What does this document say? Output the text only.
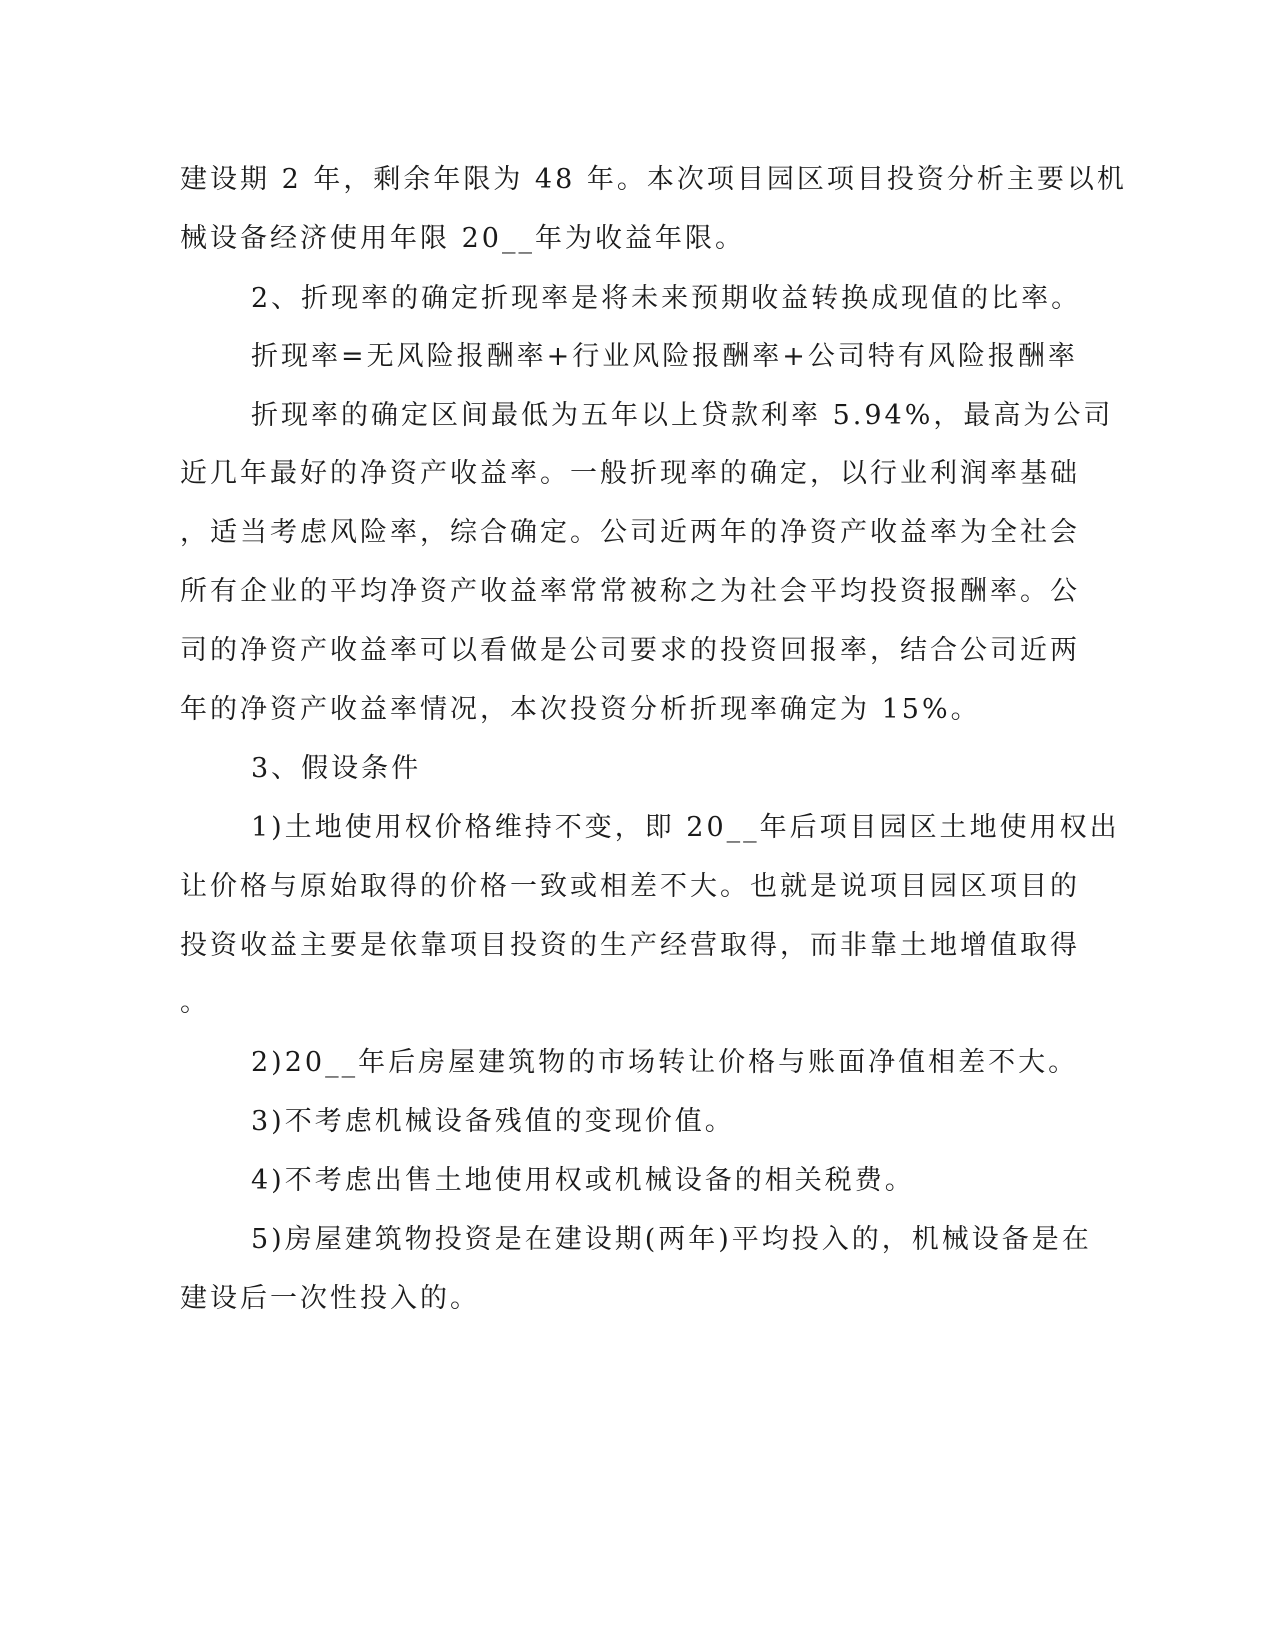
建设期 2 年，剩余年限为 48 年。本次项目园区项目投资分析主要以机
械设备经济使用年限 20__年为收益年限。
2、折现率的确定折现率是将未来预期收益转换成现值的比率。
折现率=无风险报酬率+行业风险报酬率+公司特有风险报酬率
折现率的确定区间最低为五年以上贷款利率 5.94%，最高为公司
近几年最好的净资产收益率。一般折现率的确定，以行业利润率基础
，适当考虑风险率，综合确定。公司近两年的净资产收益率为全社会
所有企业的平均净资产收益率常常被称之为社会平均投资报酬率。公
司的净资产收益率可以看做是公司要求的投资回报率，结合公司近两
年的净资产收益率情况，本次投资分析折现率确定为 15%。
3、假设条件
1)土地使用权价格维持不变，即 20__年后项目园区土地使用权出
让价格与原始取得的价格一致或相差不大。也就是说项目园区项目的
投资收益主要是依靠项目投资的生产经营取得，而非靠土地增值取得
。
2)20__年后房屋建筑物的市场转让价格与账面净值相差不大。
3)不考虑机械设备残值的变现价值。
4)不考虑出售土地使用权或机械设备的相关税费。
5)房屋建筑物投资是在建设期(两年)平均投入的，机械设备是在
建设后一次性投入的。
